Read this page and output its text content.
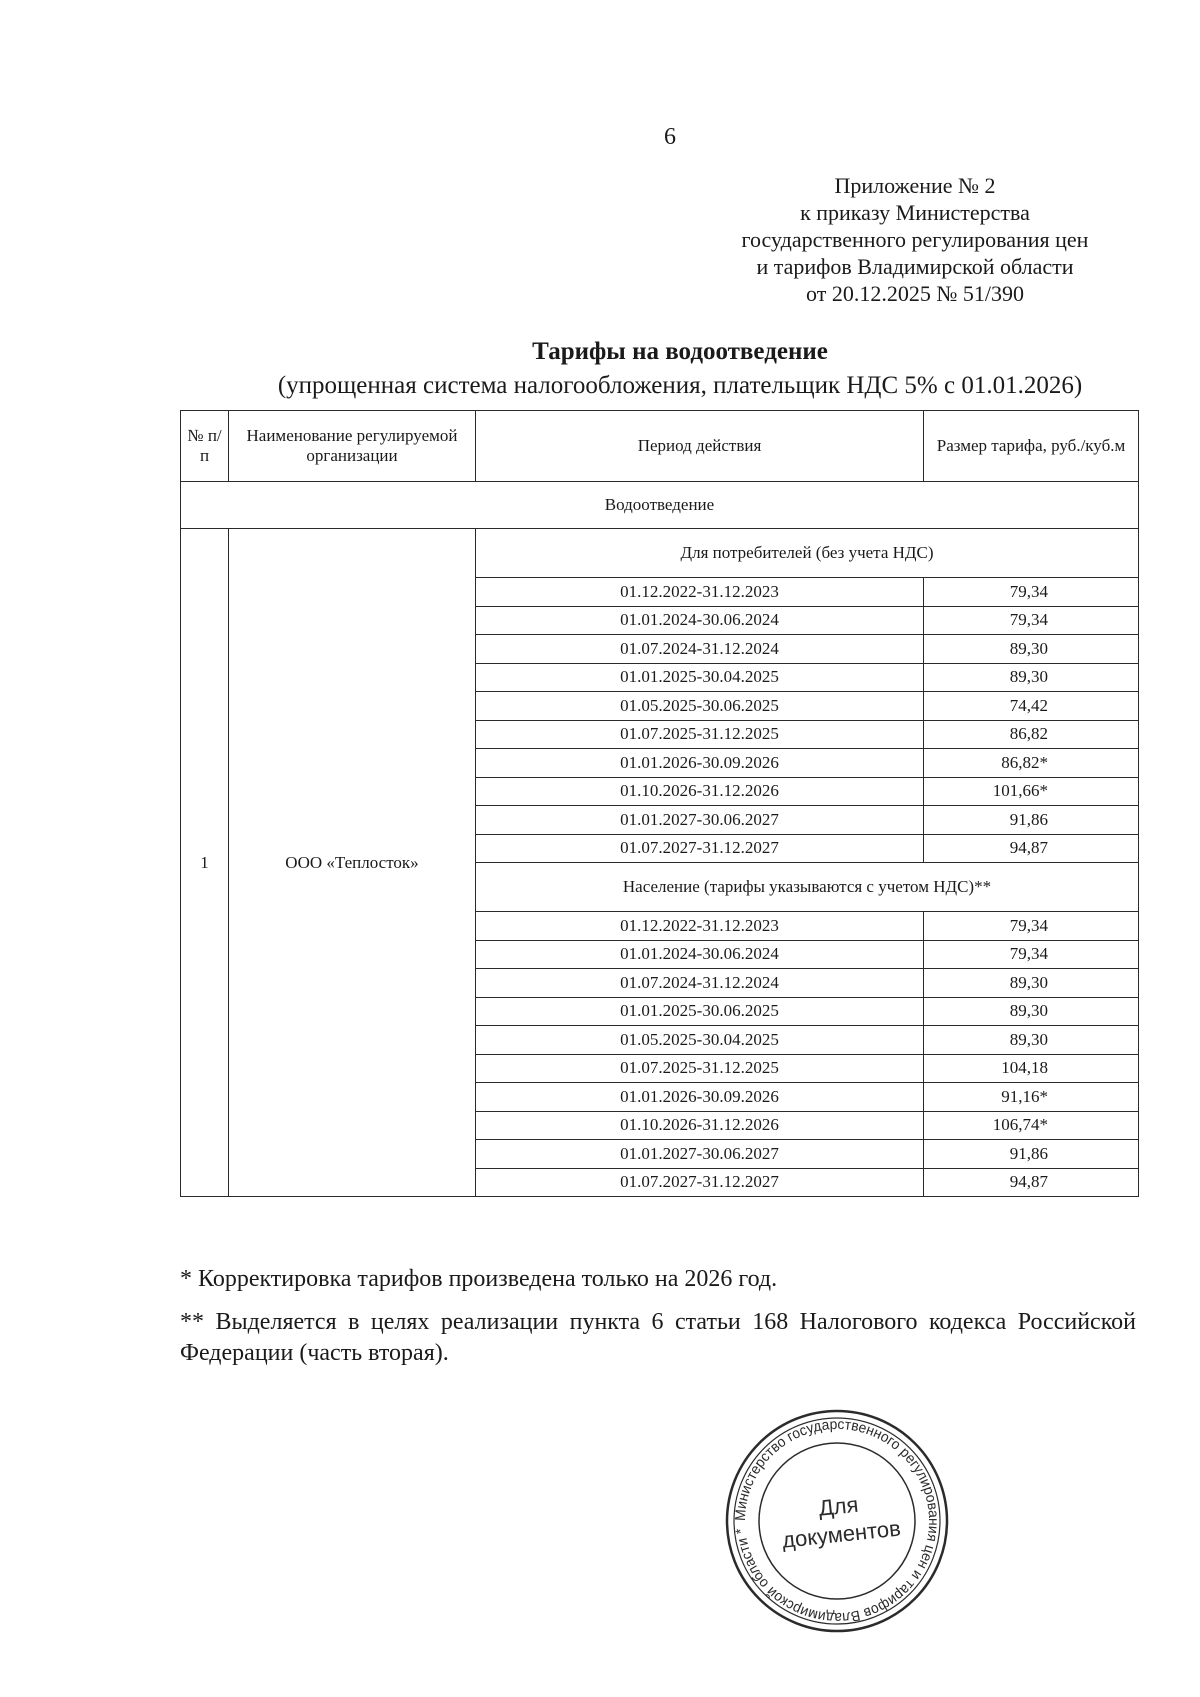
6
Приложение № 2
к приказу Министерства
государственного регулирования цен
и тарифов Владимирской области
от 20.12.2025 № 51/390
Тарифы на водоотведение
(упрощенная система налогообложения, плательщик НДС 5% с 01.01.2026)
№ п/п	Наименование регулируемой организации	Период действия	Размер тарифа, руб./куб.м
Водоотведение			
1	ООО «Теплосток»	Для потребителей (без учета НДС)	
		01.12.2022-31.12.2023	79,34
		01.01.2024-30.06.2024	79,34
		01.07.2024-31.12.2024	89,30
		01.01.2025-30.04.2025	89,30
		01.05.2025-30.06.2025	74,42
		01.07.2025-31.12.2025	86,82
		01.01.2026-30.09.2026	86,82*
		01.10.2026-31.12.2026	101,66*
		01.01.2027-30.06.2027	91,86
		01.07.2027-31.12.2027	94,87
		Население (тарифы указываются с учетом НДС)**	
		01.12.2022-31.12.2023	79,34
		01.01.2024-30.06.2024	79,34
		01.07.2024-31.12.2024	89,30
		01.01.2025-30.06.2025	89,30
		01.05.2025-30.04.2025	89,30
		01.07.2025-31.12.2025	104,18
		01.01.2026-30.09.2026	91,16*
		01.10.2026-31.12.2026	106,74*
		01.01.2027-30.06.2027	91,86
		01.07.2027-31.12.2027	94,87
* Корректировка тарифов произведена только на 2026 год.
** Выделяется в целях реализации пункта 6 статьи 168 Налогового кодекса Российской Федерации (часть вторая).
Министерство государственного регулирования цен и тарифов Владимирской области *
Для
документов
